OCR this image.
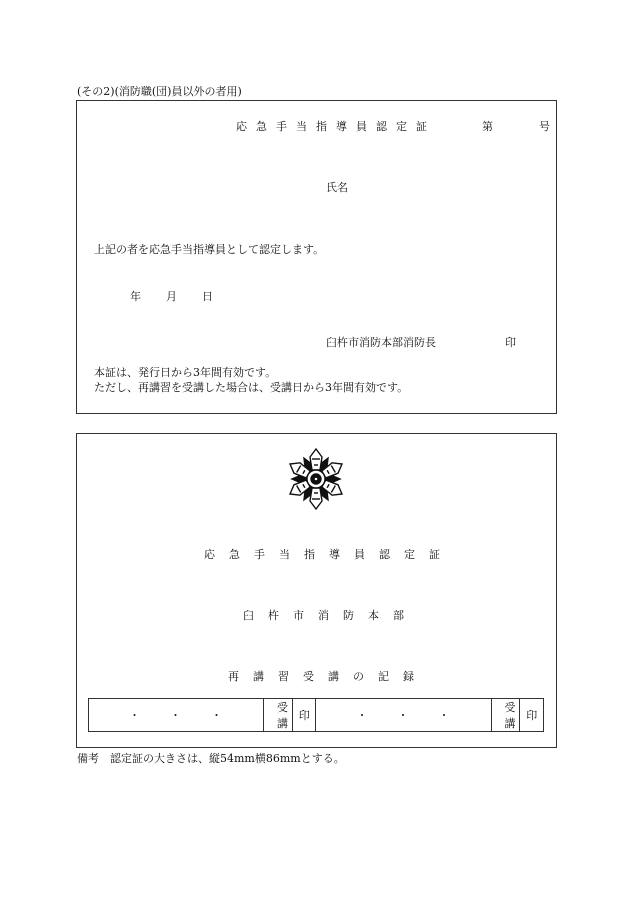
(その2)(消防職(団)員以外の者用)
応急手当指導員認定証	第	号
氏名
上記の者を応急手当指導員として認定します。
年 月 日
臼杵市消防本部消防長	印
本証は、発行日から3年間有効です。
ただし、再講習を受講した場合は、受講日から3年間有効です。
応急手当指導員認定証
臼杵市消防本部
再講習受講の記録
・・・	受講	印	・・・	受講	印
備考　認定証の大きさは、縦54mm横86mmとする。
